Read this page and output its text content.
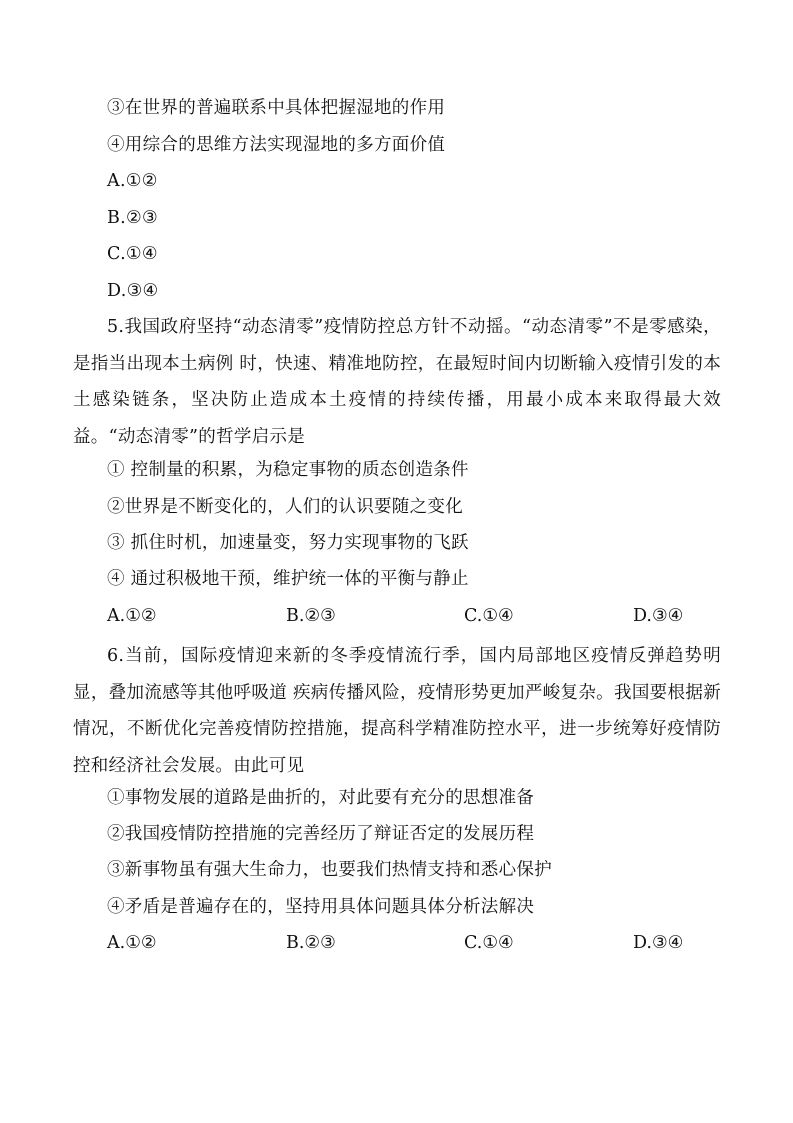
③在世界的普遍联系中具体把握湿地的作用
④用综合的思维方法实现湿地的多方面价值
A.①②
B.②③
C.①④
D.③④
5.我国政府坚持“动态清零”疫情防控总方针不动摇。“动态清零”不是零感染，是指当出现本土病例 时，快速、精准地防控，在最短时间内切断输入疫情引发的本土感染链条，坚决防止造成本土疫情的持续传播，用最小成本来取得最大效益。“动态清零”的哲学启示是
① 控制量的积累，为稳定事物的质态创造条件
②世界是不断变化的，人们的认识要随之变化
③ 抓住时机，加速量变，努力实现事物的飞跃
④ 通过积极地干预，维护统一体的平衡与静止
A.①②	B.②③	C.①④	D.③④
6.当前，国际疫情迎来新的冬季疫情流行季，国内局部地区疫情反弹趋势明显，叠加流感等其他呼吸道 疾病传播风险，疫情形势更加严峻复杂。我国要根据新情况，不断优化完善疫情防控措施，提高科学精准防控水平，进一步统筹好疫情防控和经济社会发展。由此可见
①事物发展的道路是曲折的，对此要有充分的思想准备
②我国疫情防控措施的完善经历了辩证否定的发展历程
③新事物虽有强大生命力，也要我们热情支持和悉心保护
④矛盾是普遍存在的，坚持用具体问题具体分析法解决
A.①②	B.②③	C.①④	D.③④
